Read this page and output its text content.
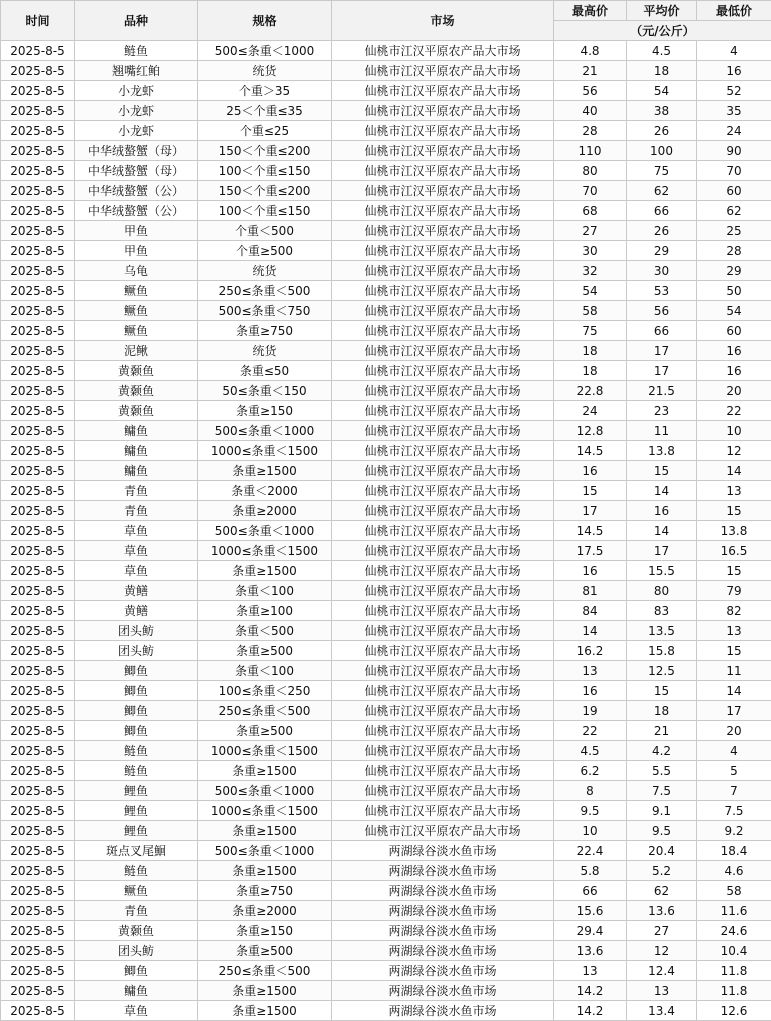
时间	品种	规格	市场	最高价	平均价	最低价
				（元/公斤）		
2025-8-5	鲢鱼	500≤条重＜1000	仙桃市江汉平原农产品大市场	4.8	4.5	4
2025-8-5	翘嘴红鲌	统货	仙桃市江汉平原农产品大市场	21	18	16
2025-8-5	小龙虾	个重＞35	仙桃市江汉平原农产品大市场	56	54	52
2025-8-5	小龙虾	25＜个重≤35	仙桃市江汉平原农产品大市场	40	38	35
2025-8-5	小龙虾	个重≤25	仙桃市江汉平原农产品大市场	28	26	24
2025-8-5	中华绒螯蟹（母）	150＜个重≤200	仙桃市江汉平原农产品大市场	110	100	90
2025-8-5	中华绒螯蟹（母）	100＜个重≤150	仙桃市江汉平原农产品大市场	80	75	70
2025-8-5	中华绒螯蟹（公）	150＜个重≤200	仙桃市江汉平原农产品大市场	70	62	60
2025-8-5	中华绒螯蟹（公）	100＜个重≤150	仙桃市江汉平原农产品大市场	68	66	62
2025-8-5	甲鱼	个重＜500	仙桃市江汉平原农产品大市场	27	26	25
2025-8-5	甲鱼	个重≥500	仙桃市江汉平原农产品大市场	30	29	28
2025-8-5	乌龟	统货	仙桃市江汉平原农产品大市场	32	30	29
2025-8-5	鳜鱼	250≤条重＜500	仙桃市江汉平原农产品大市场	54	53	50
2025-8-5	鳜鱼	500≤条重＜750	仙桃市江汉平原农产品大市场	58	56	54
2025-8-5	鳜鱼	条重≥750	仙桃市江汉平原农产品大市场	75	66	60
2025-8-5	泥鳅	统货	仙桃市江汉平原农产品大市场	18	17	16
2025-8-5	黄颡鱼	条重≤50	仙桃市江汉平原农产品大市场	18	17	16
2025-8-5	黄颡鱼	50≤条重＜150	仙桃市江汉平原农产品大市场	22.8	21.5	20
2025-8-5	黄颡鱼	条重≥150	仙桃市江汉平原农产品大市场	24	23	22
2025-8-5	鳙鱼	500≤条重＜1000	仙桃市江汉平原农产品大市场	12.8	11	10
2025-8-5	鳙鱼	1000≤条重＜1500	仙桃市江汉平原农产品大市场	14.5	13.8	12
2025-8-5	鳙鱼	条重≥1500	仙桃市江汉平原农产品大市场	16	15	14
2025-8-5	青鱼	条重＜2000	仙桃市江汉平原农产品大市场	15	14	13
2025-8-5	青鱼	条重≥2000	仙桃市江汉平原农产品大市场	17	16	15
2025-8-5	草鱼	500≤条重＜1000	仙桃市江汉平原农产品大市场	14.5	14	13.8
2025-8-5	草鱼	1000≤条重＜1500	仙桃市江汉平原农产品大市场	17.5	17	16.5
2025-8-5	草鱼	条重≥1500	仙桃市江汉平原农产品大市场	16	15.5	15
2025-8-5	黄鳝	条重＜100	仙桃市江汉平原农产品大市场	81	80	79
2025-8-5	黄鳝	条重≥100	仙桃市江汉平原农产品大市场	84	83	82
2025-8-5	团头鲂	条重＜500	仙桃市江汉平原农产品大市场	14	13.5	13
2025-8-5	团头鲂	条重≥500	仙桃市江汉平原农产品大市场	16.2	15.8	15
2025-8-5	鲫鱼	条重＜100	仙桃市江汉平原农产品大市场	13	12.5	11
2025-8-5	鲫鱼	100≤条重＜250	仙桃市江汉平原农产品大市场	16	15	14
2025-8-5	鲫鱼	250≤条重＜500	仙桃市江汉平原农产品大市场	19	18	17
2025-8-5	鲫鱼	条重≥500	仙桃市江汉平原农产品大市场	22	21	20
2025-8-5	鲢鱼	1000≤条重＜1500	仙桃市江汉平原农产品大市场	4.5	4.2	4
2025-8-5	鲢鱼	条重≥1500	仙桃市江汉平原农产品大市场	6.2	5.5	5
2025-8-5	鲤鱼	500≤条重＜1000	仙桃市江汉平原农产品大市场	8	7.5	7
2025-8-5	鲤鱼	1000≤条重＜1500	仙桃市江汉平原农产品大市场	9.5	9.1	7.5
2025-8-5	鲤鱼	条重≥1500	仙桃市江汉平原农产品大市场	10	9.5	9.2
2025-8-5	斑点叉尾鮰	500≤条重＜1000	两湖绿谷淡水鱼市场	22.4	20.4	18.4
2025-8-5	鲢鱼	条重≥1500	两湖绿谷淡水鱼市场	5.8	5.2	4.6
2025-8-5	鳜鱼	条重≥750	两湖绿谷淡水鱼市场	66	62	58
2025-8-5	青鱼	条重≥2000	两湖绿谷淡水鱼市场	15.6	13.6	11.6
2025-8-5	黄颡鱼	条重≥150	两湖绿谷淡水鱼市场	29.4	27	24.6
2025-8-5	团头鲂	条重≥500	两湖绿谷淡水鱼市场	13.6	12	10.4
2025-8-5	鲫鱼	250≤条重＜500	两湖绿谷淡水鱼市场	13	12.4	11.8
2025-8-5	鳙鱼	条重≥1500	两湖绿谷淡水鱼市场	14.2	13	11.8
2025-8-5	草鱼	条重≥1500	两湖绿谷淡水鱼市场	14.2	13.4	12.6
